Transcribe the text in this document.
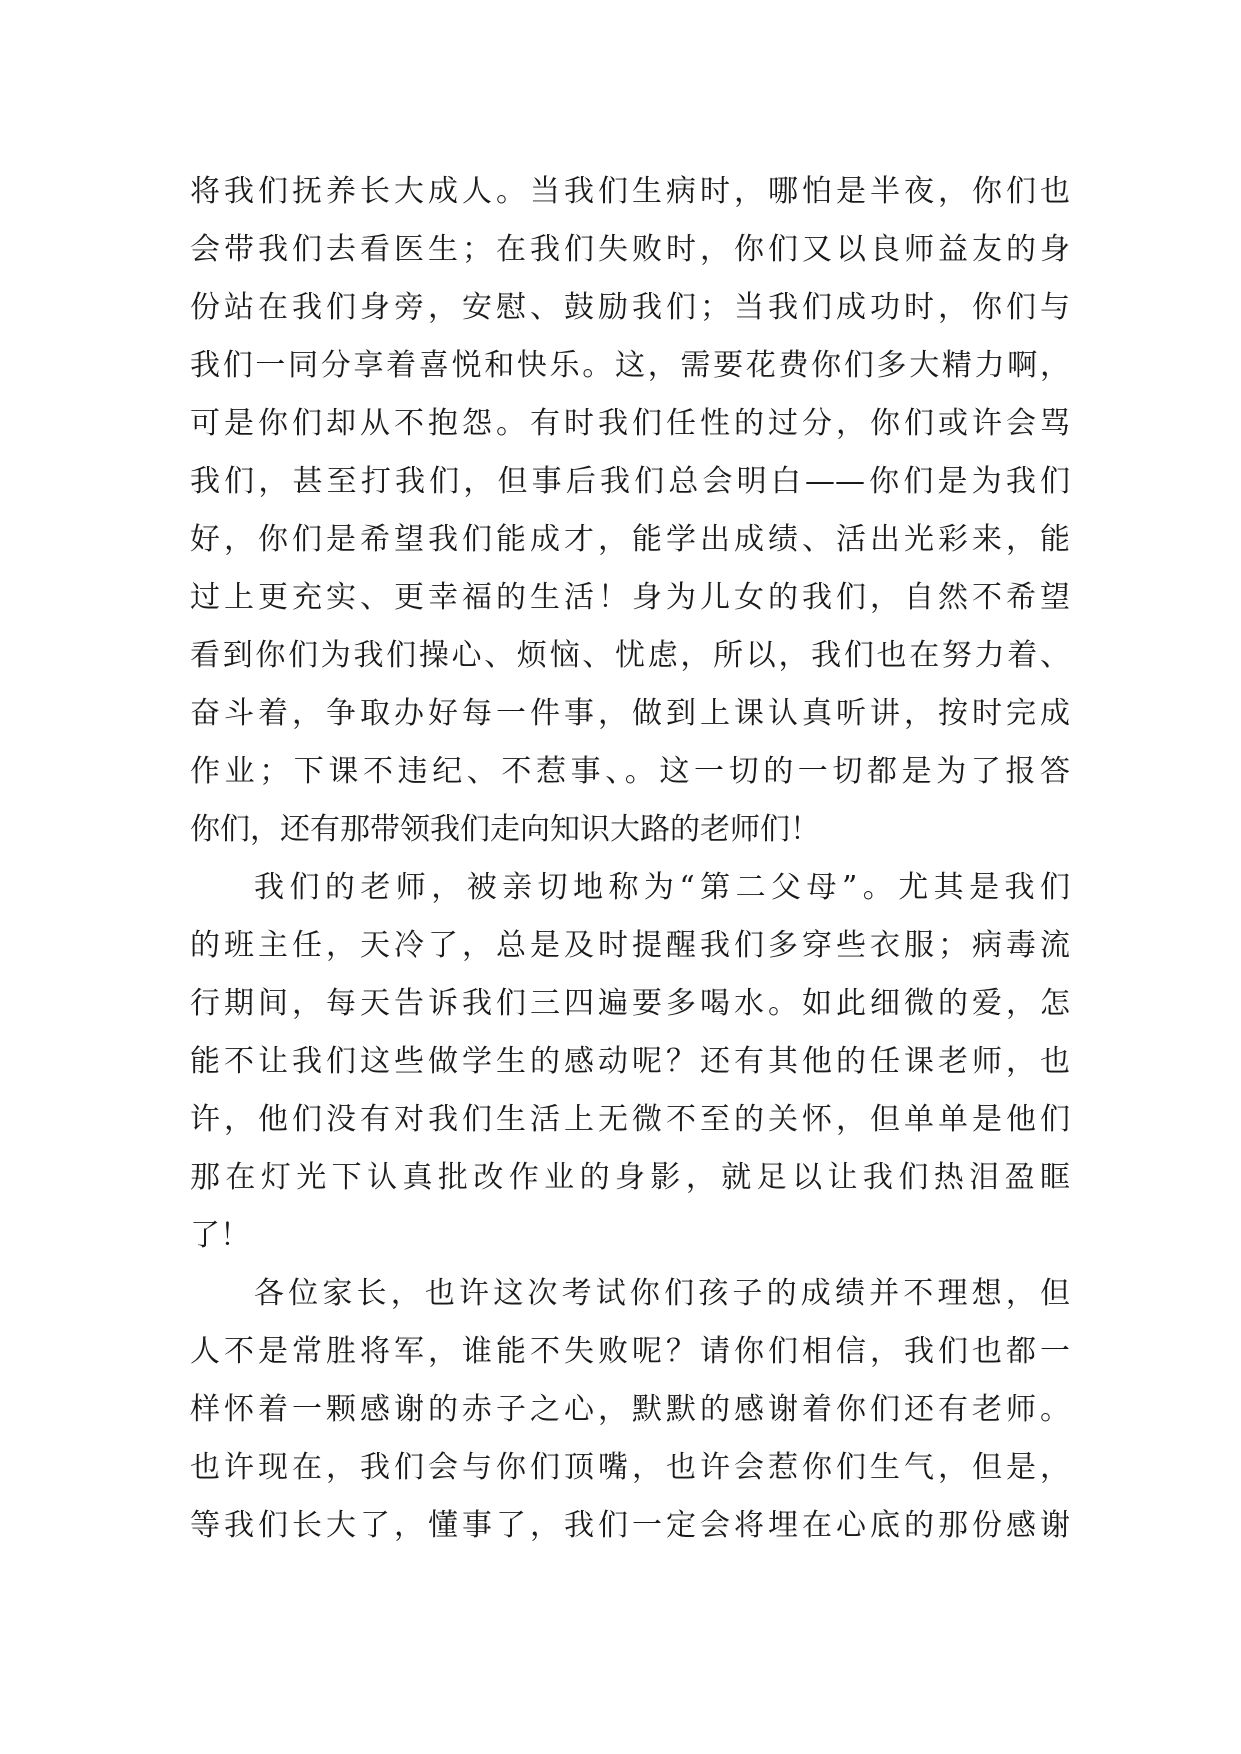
将我们抚养长大成人。当我们生病时，哪怕是半夜，你们也
会带我们去看医生；在我们失败时，你们又以良师益友的身
份站在我们身旁，安慰、鼓励我们；当我们成功时，你们与
我们一同分享着喜悦和快乐。这，需要花费你们多大精力啊，
可是你们却从不抱怨。有时我们任性的过分，你们或许会骂
我们，甚至打我们，但事后我们总会明白——你们是为我们
好，你们是希望我们能成才，能学出成绩、活出光彩来，能
过上更充实、更幸福的生活！身为儿女的我们，自然不希望
看到你们为我们操心、烦恼、忧虑，所以，我们也在努力着、
奋斗着，争取办好每一件事，做到上课认真听讲，按时完成
作业；下课不违纪、不惹事、。这一切的一切都是为了报答
你们，还有那带领我们走向知识大路的老师们！
我们的老师，被亲切地称为“第二父母”。尤其是我们
的班主任，天冷了，总是及时提醒我们多穿些衣服；病毒流
行期间，每天告诉我们三四遍要多喝水。如此细微的爱，怎
能不让我们这些做学生的感动呢？还有其他的任课老师，也
许，他们没有对我们生活上无微不至的关怀，但单单是他们
那在灯光下认真批改作业的身影，就足以让我们热泪盈眶
了！
各位家长，也许这次考试你们孩子的成绩并不理想，但
人不是常胜将军，谁能不失败呢？请你们相信，我们也都一
样怀着一颗感谢的赤子之心，默默的感谢着你们还有老师。
也许现在，我们会与你们顶嘴，也许会惹你们生气，但是，
等我们长大了，懂事了，我们一定会将埋在心底的那份感谢
